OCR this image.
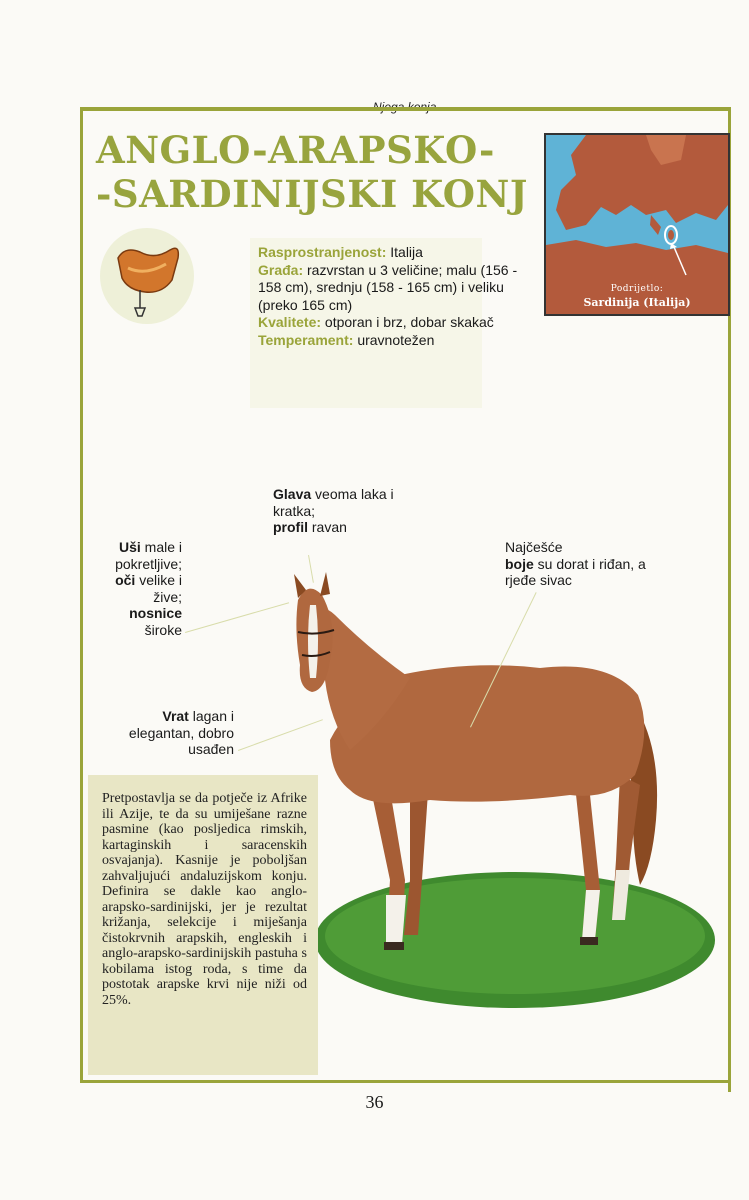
Njega konja
ANGLO-ARAPSKO-
-SARDINIJSKI KONJ
Podrijetlo:
Sardinija (Italija)
Rasprostranjenost: Italija
Građa: razvrstan u 3 veličine; malu (156 - 158 cm), srednju (158 - 165 cm) i veliku (preko 165 cm)
Kvalitete: otporan i brz, dobar skakač
Temperament: uravnotežen
Glava veoma laka i kratka;
profil ravan
Uši male i pokretljive; oči velike i žive; nosnice široke
Najčešće
boje su dorat i riđan, a rjeđe sivac
Vrat lagan i elegantan, dobro usađen
Pretpostavlja se da potječe iz Afrike ili Azije, te da su umiješane razne pasmine (kao posljedica rimskih, kartaginskih i saracenskih osvajanja). Kasnije je poboljšan zahvaljujući andaluzijskom konju. Definira se dakle kao anglo-arapsko-sardinijski, jer je rezultat križanja, selekcije i miješanja čistokrvnih arapskih, engleskih i anglo-arapsko-sardinijskih pastuha s kobilama istog roda, s time da postotak arapske krvi nije niži od 25%.
36
